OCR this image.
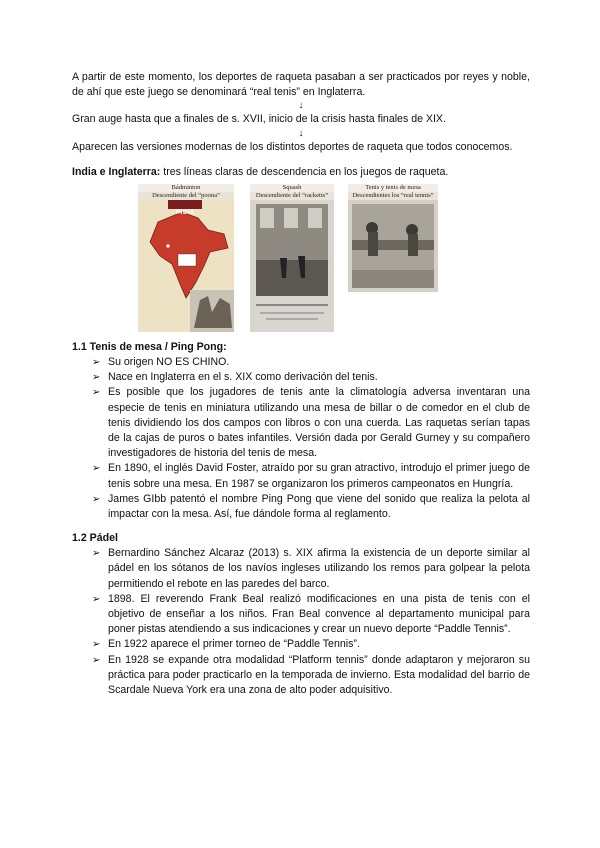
A partir de este momento, los deportes de raqueta pasaban a ser practicados por reyes y noble, de ahí que este juego se denominará “real tenis” en Inglaterra.

↓

Gran auge hasta que a finales de s. XVII, inicio de la crisis hasta finales de XIX.

↓

Aparecen las versiones modernas de los distintos deportes de raqueta que todos conocemos.

India e Inglaterra: tres líneas claras de descendencia en los juegos de raqueta.

Bádminton
Descendiente del “poona”
INDIA
Squash
Descendiente del “racketts”
Tenis y tenis de mesa
Descendientes los “real tennis”
1.1 Tenis de mesa / Ping Pong:
➢ Su origen NO ES CHINO.
➢ Nace en Inglaterra en el s. XIX como derivación del tenis.
➢ Es posible que los jugadores de tenis ante la climatología adversa inventaran una especie de tenis en miniatura utilizando una mesa de billar o de comedor en el club de tenis dividiendo los dos campos con libros o con una cuerda. Las raquetas serían tapas de la cajas de puros o bates infantiles. Versión dada por Gerald Gurney y su compañero investigadores de historia del tenis de mesa.
➢ En 1890, el inglés David Foster, atraído por su gran atractivo, introdujo el primer juego de tenis sobre una mesa. En 1987 se organizaron los primeros campeonatos en Hungría.
➢ James GIbb patentó el nombre Ping Pong que viene del sonido que realiza la pelota al impactar con la mesa. Así, fue dándole forma al reglamento.
1.2 Pádel
➢ Bernardino Sánchez Alcaraz (2013) s. XIX afirma la existencia de un deporte similar al pádel en los sótanos de los navíos ingleses utilizando los remos para golpear la pelota permitiendo el rebote en las paredes del barco.
➢ 1898. El reverendo Frank Beal realizó modificaciones en una pista de tenis con el objetivo de enseñar a los niños. Fran Beal convence al departamento municipal para poner pistas atendiendo a sus indicaciones y crear un nuevo deporte “Paddle Tennis”.
➢ En 1922 aparece el primer torneo de “Paddle Tennis”.
➢ En 1928 se expande otra modalidad “Platform tennis” donde adaptaron y mejoraron su práctica para poder practicarlo en la temporada de invierno. Esta modalidad del barrio de Scardale Nueva York era una zona de alto poder adquisitivo.
